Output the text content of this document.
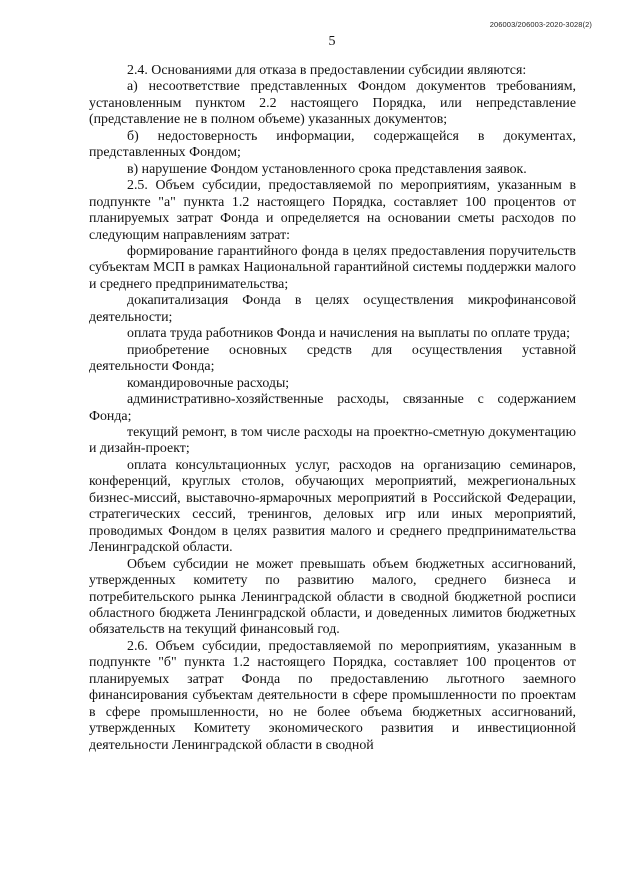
206003/206003-2020-3028(2)
5

2.4. Основаниями для отказа в предоставлении субсидии являются:

а) несоответствие представленных Фондом документов требованиям, установленным пунктом 2.2 настоящего Порядка, или непредставление (представление не в полном объеме) указанных документов;

б) недостоверность информации, содержащейся в документах, представленных Фондом;

в) нарушение Фондом установленного срока представления заявок.

2.5. Объем субсидии, предоставляемой по мероприятиям, указанным в подпункте "а" пункта 1.2 настоящего Порядка, составляет 100 процентов от планируемых затрат Фонда и определяется на основании сметы расходов по следующим направлениям затрат:

формирование гарантийного фонда в целях предоставления поручительств субъектам МСП в рамках Национальной гарантийной системы поддержки малого и среднего предпринимательства;

докапитализация Фонда в целях осуществления микрофинансовой деятельности;

оплата труда работников Фонда и начисления на выплаты по оплате труда;

приобретение основных средств для осуществления уставной деятельности Фонда;

командировочные расходы;

административно-хозяйственные расходы, связанные с содержанием Фонда;

текущий ремонт, в том числе расходы на проектно-сметную документацию и дизайн-проект;

оплата консультационных услуг, расходов на организацию семинаров, конференций, круглых столов, обучающих мероприятий, межрегиональных бизнес-миссий, выставочно-ярмарочных мероприятий в Российской Федерации, стратегических сессий, тренингов, деловых игр или иных мероприятий, проводимых Фондом в целях развития малого и среднего предпринимательства Ленинградской области.

Объем субсидии не может превышать объем бюджетных ассигнований, утвержденных комитету по развитию малого, среднего бизнеса и потребительского рынка Ленинградской области в сводной бюджетной росписи областного бюджета Ленинградской области, и доведенных лимитов бюджетных обязательств на текущий финансовый год.

2.6. Объем субсидии, предоставляемой по мероприятиям, указанным в подпункте "б" пункта 1.2 настоящего Порядка, составляет 100 процентов от планируемых затрат Фонда по предоставлению льготного заемного финансирования субъектам деятельности в сфере промышленности по проектам в сфере промышленности, но не более объема бюджетных ассигнований, утвержденных Комитету экономического развития и инвестиционной деятельности Ленинградской области в сводной
